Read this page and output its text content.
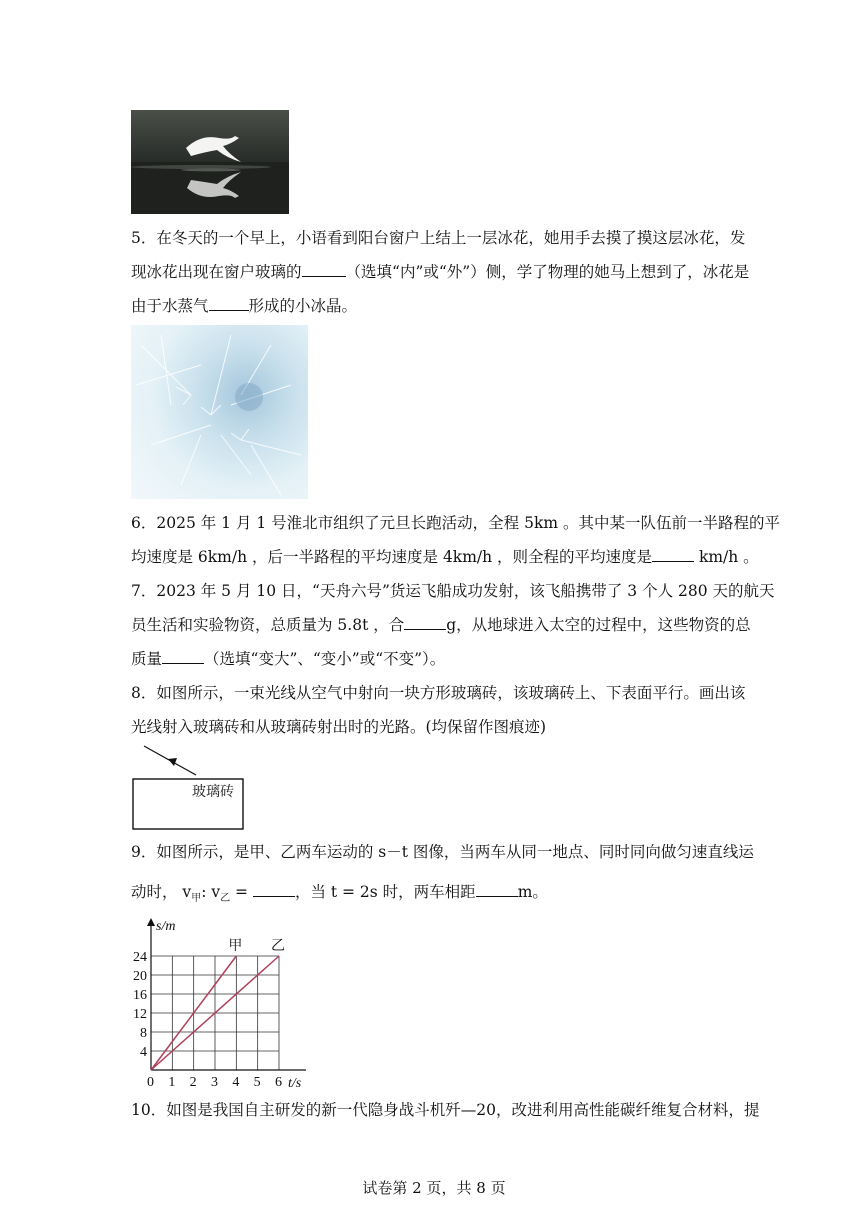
5．在冬天的一个早上，小语看到阳台窗户上结上一层冰花，她用手去摸了摸这层冰花，发
现冰花出现在窗户玻璃的	（选填“内”或“外”）侧，学了物理的她马上想到了，冰花是
由于水蒸气	形成的小冰晶。
6．2025 年 1 月 1 号淮北市组织了元旦长跑活动，全程 5km 。其中某一队伍前一半路程的平
均速度是 6km/h ，后一半路程的平均速度是 4km/h ，则全程的平均速度是	km/h 。
7．2023 年 5 月 10 日，“天舟六号”货运飞船成功发射，该飞船携带了 3 个人 280 天的航天
员生活和实验物资，总质量为 5.8t ，合	g，从地球进入太空的过程中，这些物资的总
质量	（选填“变大”、“变小”或“不变”）。
8．如图所示，一束光线从空气中射向一块方形玻璃砖，该玻璃砖上、下表面平行。画出该
光线射入玻璃砖和从玻璃砖射出时的光路。(均保留作图痕迹)
玻璃砖
9．如图所示，是甲、乙两车运动的 s－t 图像，当两车从同一地点、同时同向做匀速直线运
动时， $v_甲$: $v_乙$ =	，当 t = 2s 时，两车相距	m。
0 1 2 3 4 5 6
4
8
12
16
20
24
甲 乙
s/m
t/s
10．如图是我国自主研发的新一代隐身战斗机歼—20，改进利用高性能碳纤维复合材料，提
试卷第 2 页，共 8 页
